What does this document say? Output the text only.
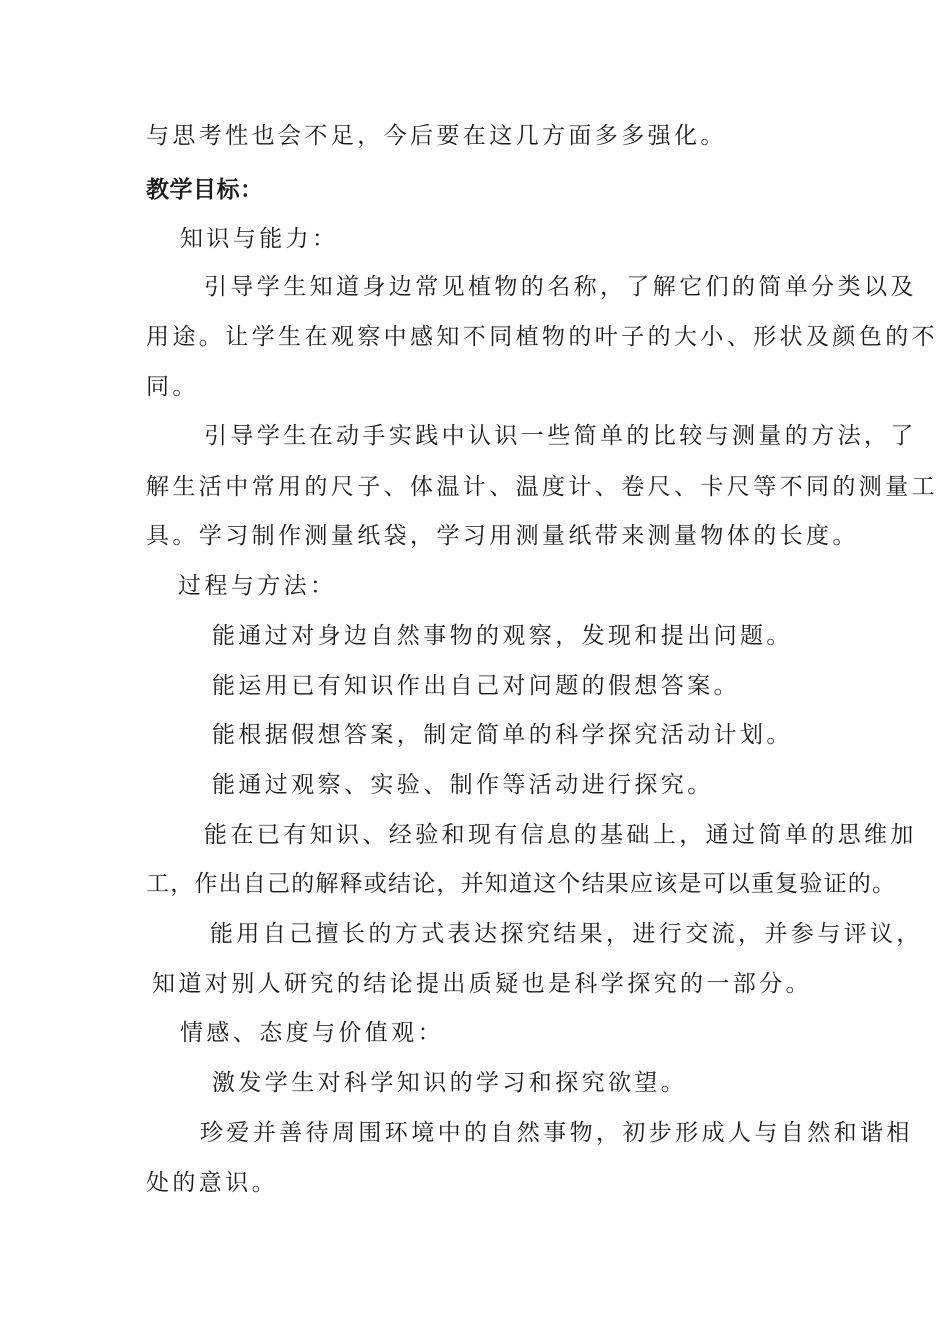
与思考性也会不足，今后要在这几方面多多强化。
教学目标：
知识与能力：
引导学生知道身边常见植物的名称，了解它们的简单分类以及
用途。让学生在观察中感知不同植物的叶子的大小、形状及颜色的不
同。
引导学生在动手实践中认识一些简单的比较与测量的方法，了
解生活中常用的尺子、体温计、温度计、卷尺、卡尺等不同的测量工
具。学习制作测量纸袋，学习用测量纸带来测量物体的长度。
过程与方法：
能通过对身边自然事物的观察，发现和提出问题。
能运用已有知识作出自己对问题的假想答案。
能根据假想答案，制定简单的科学探究活动计划。
能通过观察、实验、制作等活动进行探究。
能在已有知识、经验和现有信息的基础上，通过简单的思维加
工，作出自己的解释或结论，并知道这个结果应该是可以重复验证的。
能用自己擅长的方式表达探究结果，进行交流，并参与评议，
知道对别人研究的结论提出质疑也是科学探究的一部分。
情感、态度与价值观：
激发学生对科学知识的学习和探究欲望。
珍爱并善待周围环境中的自然事物，初步形成人与自然和谐相
处的意识。
